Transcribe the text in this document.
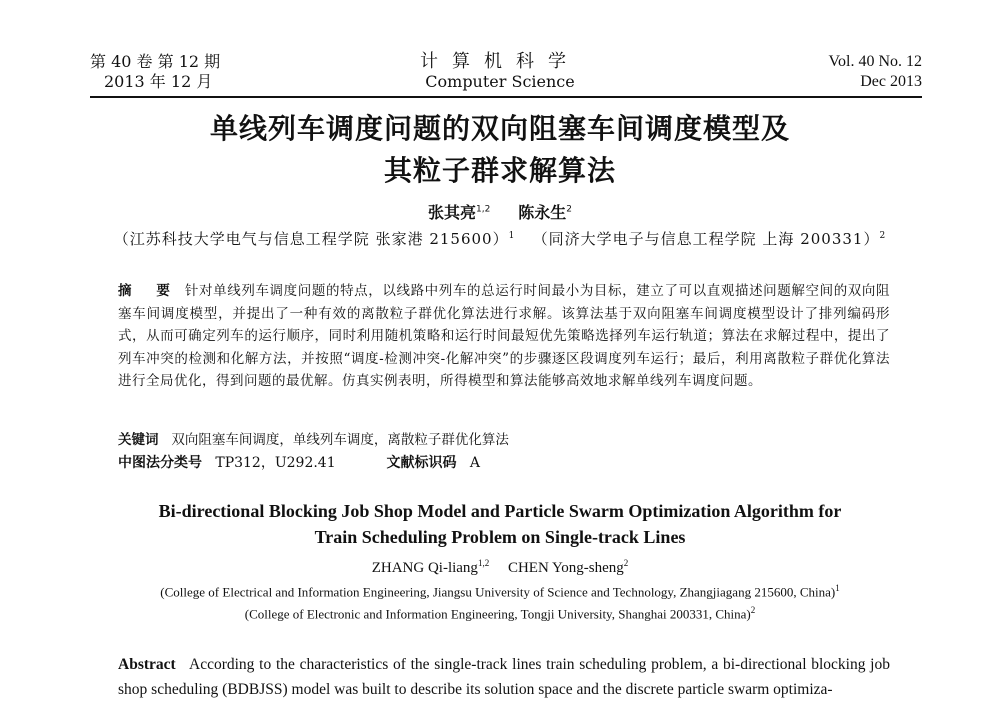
第 40 卷 第 12 期
2013 年 12 月
计算机科学
Computer Science
Vol. 40 No. 12
Dec 2013
单线列车调度问题的双向阻塞车间调度模型及
其粒子群求解算法
张其亮$^{1,2}$ 陈永生$^2$
（江苏科技大学电气与信息工程学院 张家港 215600）$^1$ （同济大学电子与信息工程学院 上海 200331）$^2$
摘 要 针对单线列车调度问题的特点，以线路中列车的总运行时间最小为目标，建立了可以直观描述问题解空间的双向阻塞车间调度模型，并提出了一种有效的离散粒子群优化算法进行求解。该算法基于双向阻塞车间调度模型设计了排列编码形式，从而可确定列车的运行顺序，同时利用随机策略和运行时间最短优先策略选择列车运行轨道；算法在求解过程中，提出了列车冲突的检测和化解方法，并按照“调度-检测冲突-化解冲突”的步骤逐区段调度列车运行；最后，利用离散粒子群优化算法进行全局优化，得到问题的最优解。仿真实例表明，所得模型和算法能够高效地求解单线列车调度问题。
关键词 双向阻塞车间调度，单线列车调度，离散粒子群优化算法
中图法分类号 TP312，U292.41	文献标识码 A
Bi-directional Blocking Job Shop Model and Particle Swarm Optimization Algorithm for
Train Scheduling Problem on Single-track Lines
ZHANG Qi-liang$^{1,2}$ CHEN Yong-sheng$^2$
(College of Electrical and Information Engineering, Jiangsu University of Science and Technology, Zhangjiagang 215600, China)$^1$
(College of Electronic and Information Engineering, Tongji University, Shanghai 200331, China)$^2$
Abstract According to the characteristics of the single-track lines train scheduling problem, a bi-directional blocking job shop scheduling (BDBJSS) model was built to describe its solution space and the discrete particle swarm optimiza-
